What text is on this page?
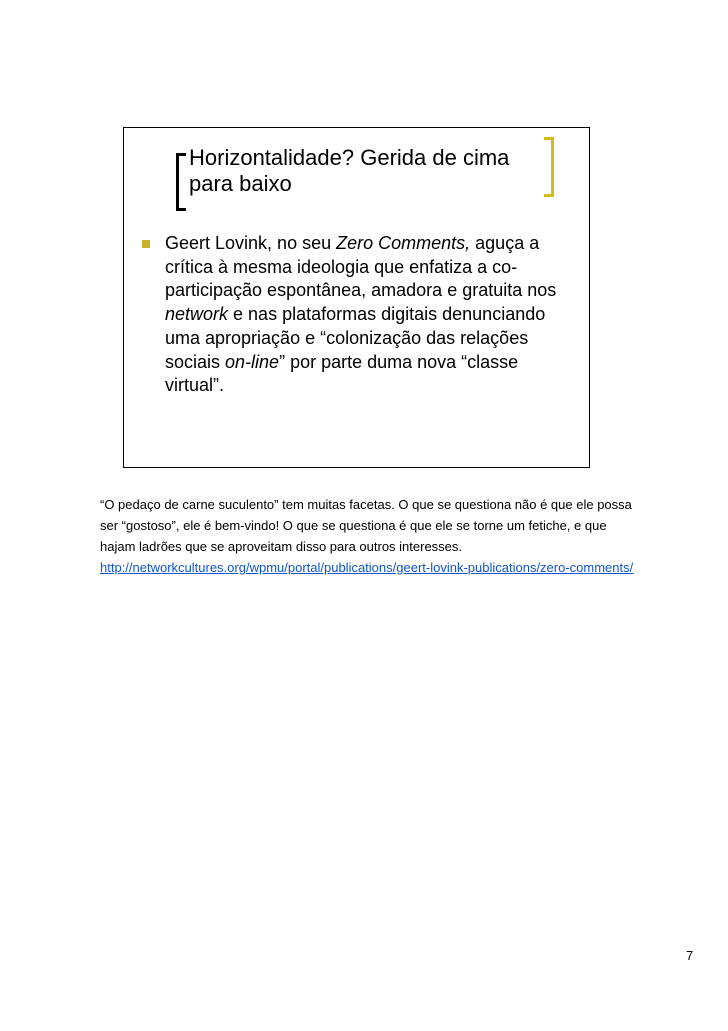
Horizontalidade? Gerida de cima para baixo
Geert Lovink, no seu Zero Comments, aguça a crítica à mesma ideologia que enfatiza a co-participação espontânea, amadora e gratuita nos network e nas plataformas digitais denunciando uma apropriação e “colonização das relações sociais on-line” por parte duma nova “classe virtual”.

“O pedaço de carne suculento” tem muitas facetas. O que se questiona não é que ele possa ser “gostoso”, ele é bem-vindo! O que se questiona é que ele se torne um fetiche, e que hajam ladrões que se aproveitam disso para outros interesses.

http://networkcultures.org/wpmu/portal/publications/geert-lovink-publications/zero-comments/
7
